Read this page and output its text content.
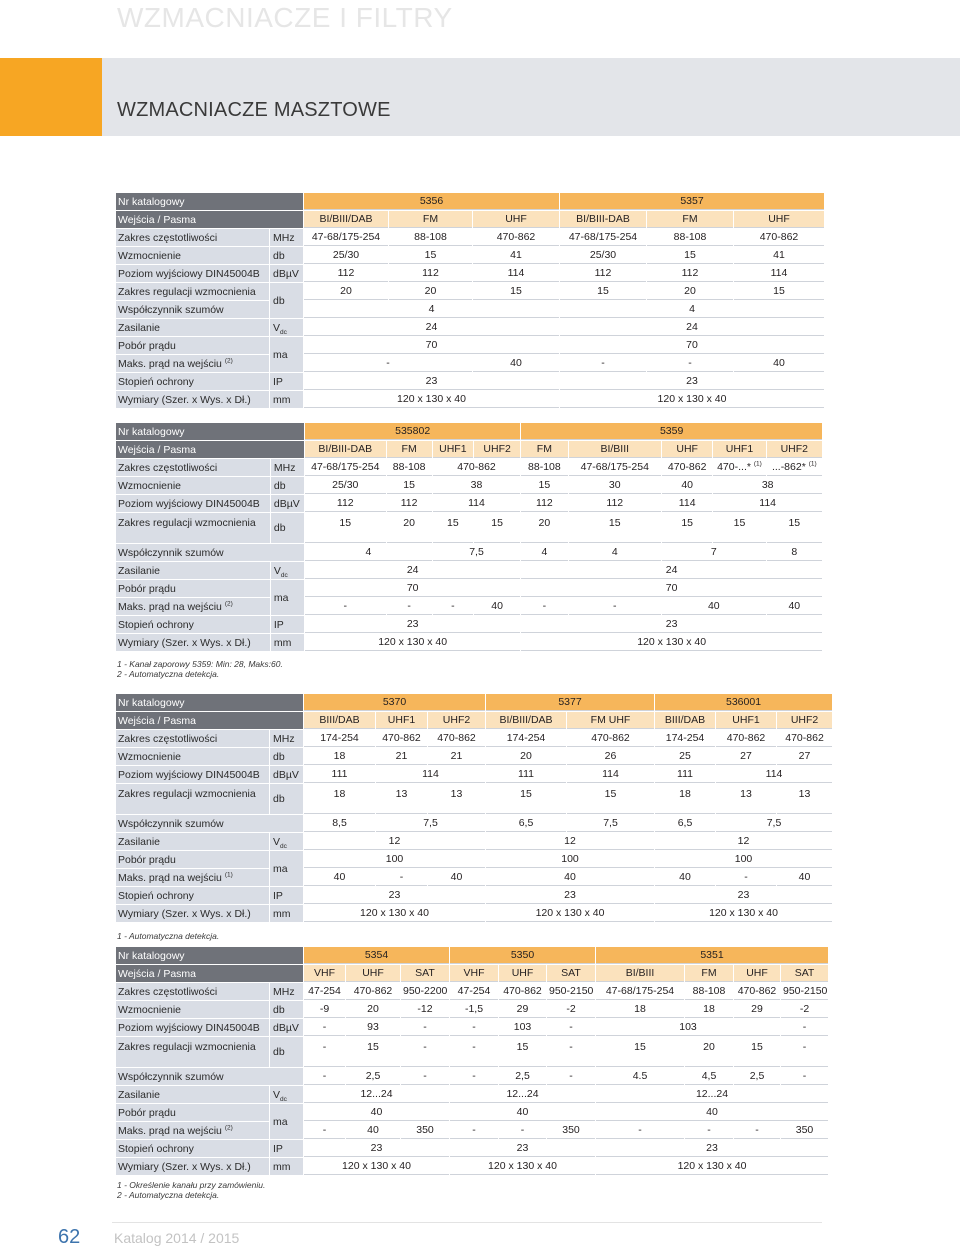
WZMACNIACZE I FILTRY
WZMACNIACZE MASZTOWE
Nr katalogowy		5356			5357		
Wejścia / Pasma		BI/BIII/DAB	FM	UHF	BI/BIII-DAB	FM	UHF
Zakres częstotliwości	MHz	47-68/175-254	88-108	470-862	47-68/175-254	88-108	470-862
Wzmocnienie	db	25/30	15	41	25/30	15	41
Poziom wyjściowy DIN45004B	dBµV	112	112	114	112	112	114
Zakres regulacji wzmocnienia	db	20	20	15	15	20	15
Współczynnik szumów		4			4		
Zasilanie	$V_{dc}$	24			24		
Pobór prądu	ma	70			70		
Maks. prąd na wejściu $^{(2)}$		-		40	-	-	40
Stopień ochrony	IP	23			23		
Wymiary (Szer. x Wys. x Dł.)	mm	120 x 130 x 40			120 x 130 x 40		
Nr katalogowy		535802				5359				
Wejścia / Pasma		BI/BIII-DAB	FM	UHF1	UHF2	FM	BI/BIII	UHF	UHF1	UHF2
Zakres częstotliwości	MHz	47-68/175-254	88-108	470-862		88-108	47-68/175-254	470-862	470-...* $^{(1)}$	...-862* $^{(1)}$
Wzmocnienie	db	25/30	15	38		15	30	40	38	
Poziom wyjściowy DIN45004B	dBµV	112	112	114		112	112	114	114	
Zakres regulacji wzmocnienia	db	15	20	15	15	20	15	15	15	15
Współczynnik szumów		4		7,5		4	4	7		8
Zasilanie	$V_{dc}$	24				24				
Pobór prądu	ma	70				70				
Maks. prąd na wejściu $^{(2)}$		-	-	-	40	-	-	40		40
Stopień ochrony	IP	23				23				
Wymiary (Szer. x Wys. x Dł.)	mm	120 x 130 x 40				120 x 130 x 40				
1 - Kanał zaporowy 5359: Min: 28, Maks:60.
2 - Automatyczna detekcja.
Nr katalogowy		5370			5377		536001		
Wejścia / Pasma		BIII/DAB	UHF1	UHF2	BI/BIII/DAB	FM UHF	BIII/DAB	UHF1	UHF2
Zakres częstotliwości	MHz	174-254	470-862	470-862	174-254	470-862	174-254	470-862	470-862
Wzmocnienie	db	18	21	21	20	26	25	27	27
Poziom wyjściowy DIN45004B	dBµV	111	114		111	114	111	114	
Zakres regulacji wzmocnienia	db	18	13	13	15	15	18	13	13
Współczynnik szumów		8,5	7,5		6,5	7,5	6,5	7,5	
Zasilanie	$V_{dc}$	12			12		12		
Pobór prądu	ma	100			100		100		
Maks. prąd na wejściu $^{(1)}$		40	-	40	40		40	-	40
Stopień ochrony	IP	23			23		23		
Wymiary (Szer. x Wys. x Dł.)	mm	120 x 130 x 40			120 x 130 x 40		120 x 130 x 40		
1 - Automatyczna detekcja.
Nr katalogowy		5354			5350			5351			
Wejścia / Pasma		VHF	UHF	SAT	VHF	UHF	SAT	BI/BIII	FM	UHF	SAT
Zakres częstotliwości	MHz	47-254	470-862	950-2200	47-254	470-862	950-2150	47-68/175-254	88-108	470-862	950-2150
Wzmocnienie	db	-9	20	-12	-1,5	29	-2	18	18	29	-2
Poziom wyjściowy DIN45004B	dBµV	-	93	-	-	103	-	103			-
Zakres regulacji wzmocnienia	db	-	15	-	-	15	-	15	20	15	-
Współczynnik szumów		-	2,5	-	-	2,5	-	4.5	4,5	2,5	-
Zasilanie	$V_{dc}$	12...24			12...24			12...24			
Pobór prądu	ma	40			40			40			
Maks. prąd na wejściu $^{(2)}$		-	40	350	-	-	350	-	-	-	350
Stopień ochrony	IP	23			23			23			
Wymiary (Szer. x Wys. x Dł.)	mm	120 x 130 x 40			120 x 130 x 40			120 x 130 x 40			
1 - Określenie kanału przy zamówieniu.
2 - Automatyczna detekcja.
62 Katalog 2014 / 2015
